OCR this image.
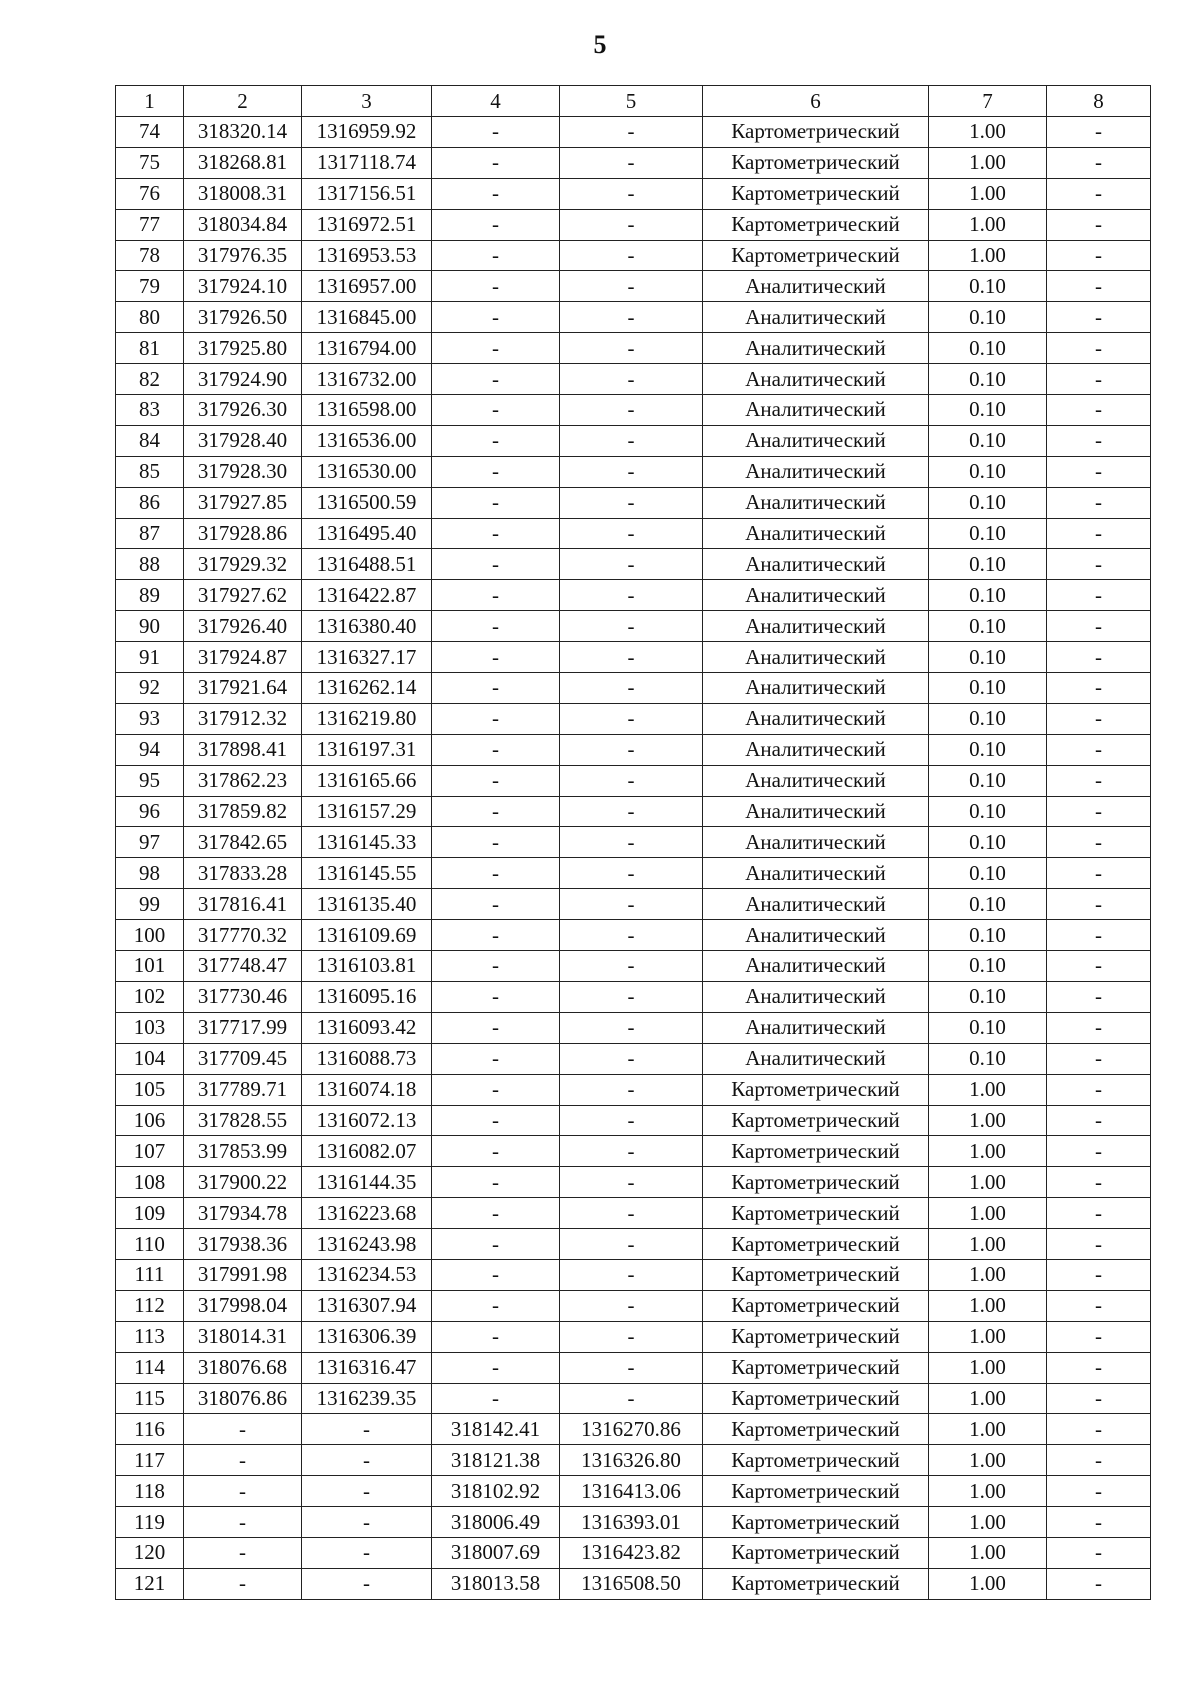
5
1	2	3	4	5	6	7	8
74	318320.14	1316959.92	-	-	Картометрический	1.00	-
75	318268.81	1317118.74	-	-	Картометрический	1.00	-
76	318008.31	1317156.51	-	-	Картометрический	1.00	-
77	318034.84	1316972.51	-	-	Картометрический	1.00	-
78	317976.35	1316953.53	-	-	Картометрический	1.00	-
79	317924.10	1316957.00	-	-	Аналитический	0.10	-
80	317926.50	1316845.00	-	-	Аналитический	0.10	-
81	317925.80	1316794.00	-	-	Аналитический	0.10	-
82	317924.90	1316732.00	-	-	Аналитический	0.10	-
83	317926.30	1316598.00	-	-	Аналитический	0.10	-
84	317928.40	1316536.00	-	-	Аналитический	0.10	-
85	317928.30	1316530.00	-	-	Аналитический	0.10	-
86	317927.85	1316500.59	-	-	Аналитический	0.10	-
87	317928.86	1316495.40	-	-	Аналитический	0.10	-
88	317929.32	1316488.51	-	-	Аналитический	0.10	-
89	317927.62	1316422.87	-	-	Аналитический	0.10	-
90	317926.40	1316380.40	-	-	Аналитический	0.10	-
91	317924.87	1316327.17	-	-	Аналитический	0.10	-
92	317921.64	1316262.14	-	-	Аналитический	0.10	-
93	317912.32	1316219.80	-	-	Аналитический	0.10	-
94	317898.41	1316197.31	-	-	Аналитический	0.10	-
95	317862.23	1316165.66	-	-	Аналитический	0.10	-
96	317859.82	1316157.29	-	-	Аналитический	0.10	-
97	317842.65	1316145.33	-	-	Аналитический	0.10	-
98	317833.28	1316145.55	-	-	Аналитический	0.10	-
99	317816.41	1316135.40	-	-	Аналитический	0.10	-
100	317770.32	1316109.69	-	-	Аналитический	0.10	-
101	317748.47	1316103.81	-	-	Аналитический	0.10	-
102	317730.46	1316095.16	-	-	Аналитический	0.10	-
103	317717.99	1316093.42	-	-	Аналитический	0.10	-
104	317709.45	1316088.73	-	-	Аналитический	0.10	-
105	317789.71	1316074.18	-	-	Картометрический	1.00	-
106	317828.55	1316072.13	-	-	Картометрический	1.00	-
107	317853.99	1316082.07	-	-	Картометрический	1.00	-
108	317900.22	1316144.35	-	-	Картометрический	1.00	-
109	317934.78	1316223.68	-	-	Картометрический	1.00	-
110	317938.36	1316243.98	-	-	Картометрический	1.00	-
111	317991.98	1316234.53	-	-	Картометрический	1.00	-
112	317998.04	1316307.94	-	-	Картометрический	1.00	-
113	318014.31	1316306.39	-	-	Картометрический	1.00	-
114	318076.68	1316316.47	-	-	Картометрический	1.00	-
115	318076.86	1316239.35	-	-	Картометрический	1.00	-
116	-	-	318142.41	1316270.86	Картометрический	1.00	-
117	-	-	318121.38	1316326.80	Картометрический	1.00	-
118	-	-	318102.92	1316413.06	Картометрический	1.00	-
119	-	-	318006.49	1316393.01	Картометрический	1.00	-
120	-	-	318007.69	1316423.82	Картометрический	1.00	-
121	-	-	318013.58	1316508.50	Картометрический	1.00	-
